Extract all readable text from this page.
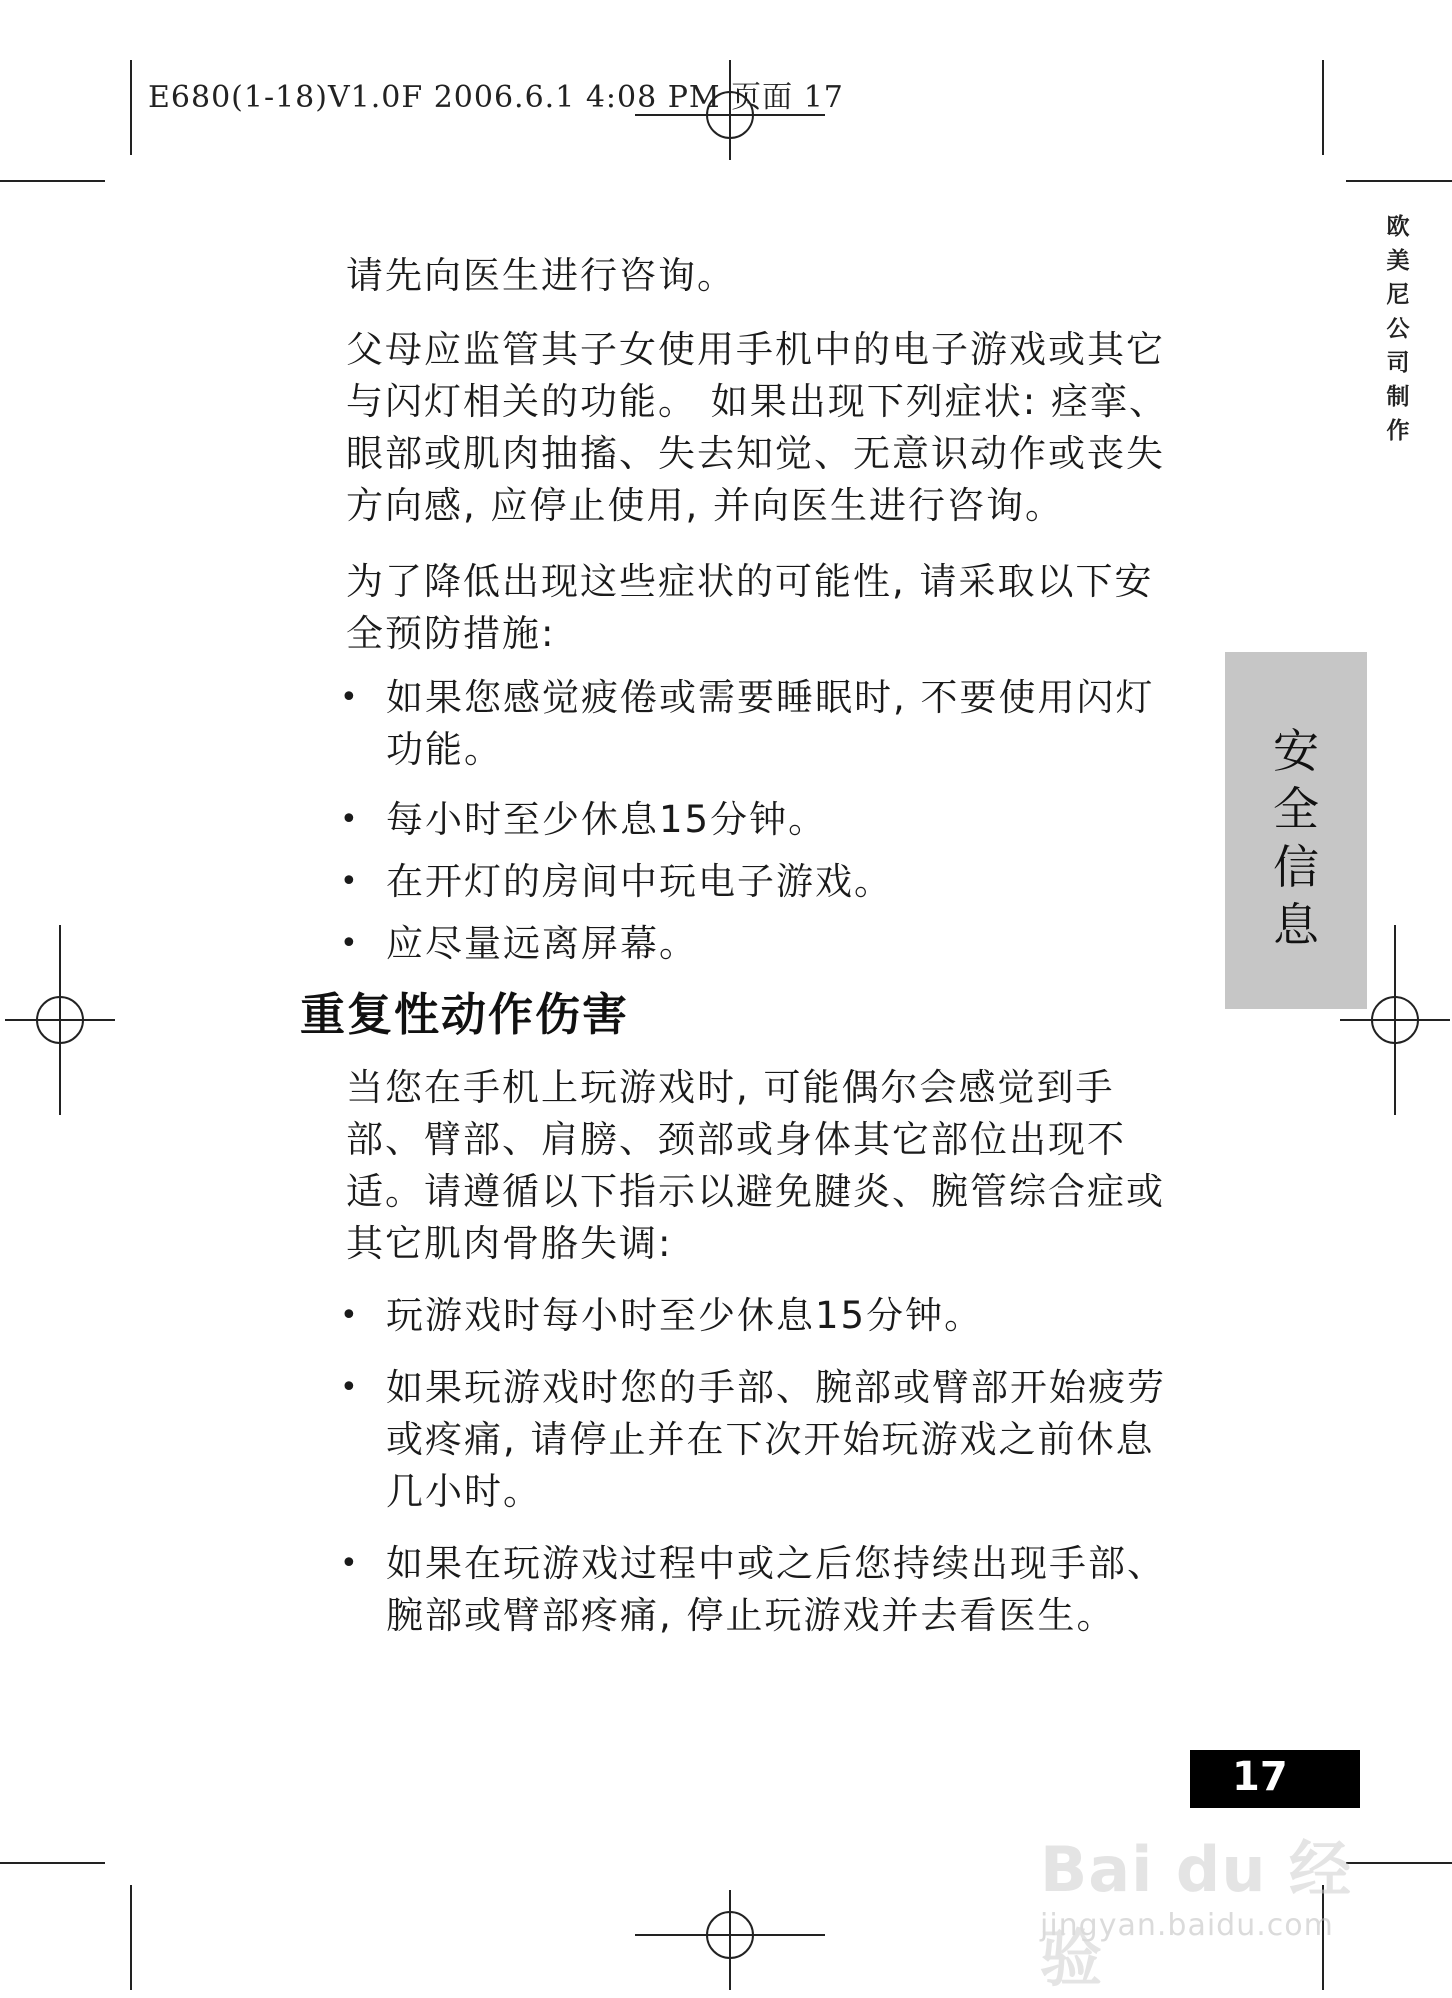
E680(1-18)V1.0F 2006.6.1 4:08 PM 页面 17
欧美尼公司制作
安全信息
请先向医生进行咨询。
父母应监管其子女使用手机中的电子游戏或其它与闪灯相关的功能。 如果出现下列症状: 痉挛、眼部或肌肉抽搐、失去知觉、无意识动作或丧失方向感, 应停止使用, 并向医生进行咨询。
为了降低出现这些症状的可能性, 请采取以下安全预防措施:
• 如果您感觉疲倦或需要睡眠时, 不要使用闪灯功能。
• 每小时至少休息15分钟。
• 在开灯的房间中玩电子游戏。
• 应尽量远离屏幕。
重复性动作伤害
当您在手机上玩游戏时, 可能偶尔会感觉到手部、臂部、肩膀、颈部或身体其它部位出现不适。请遵循以下指示以避免腱炎、腕管综合症或其它肌肉骨胳失调:
• 玩游戏时每小时至少休息15分钟。
• 如果玩游戏时您的手部、腕部或臂部开始疲劳或疼痛, 请停止并在下次开始玩游戏之前休息几小时。
• 如果在玩游戏过程中或之后您持续出现手部、腕部或臂部疼痛, 停止玩游戏并去看医生。
17
Bai du 经验
jingyan.baidu.com
